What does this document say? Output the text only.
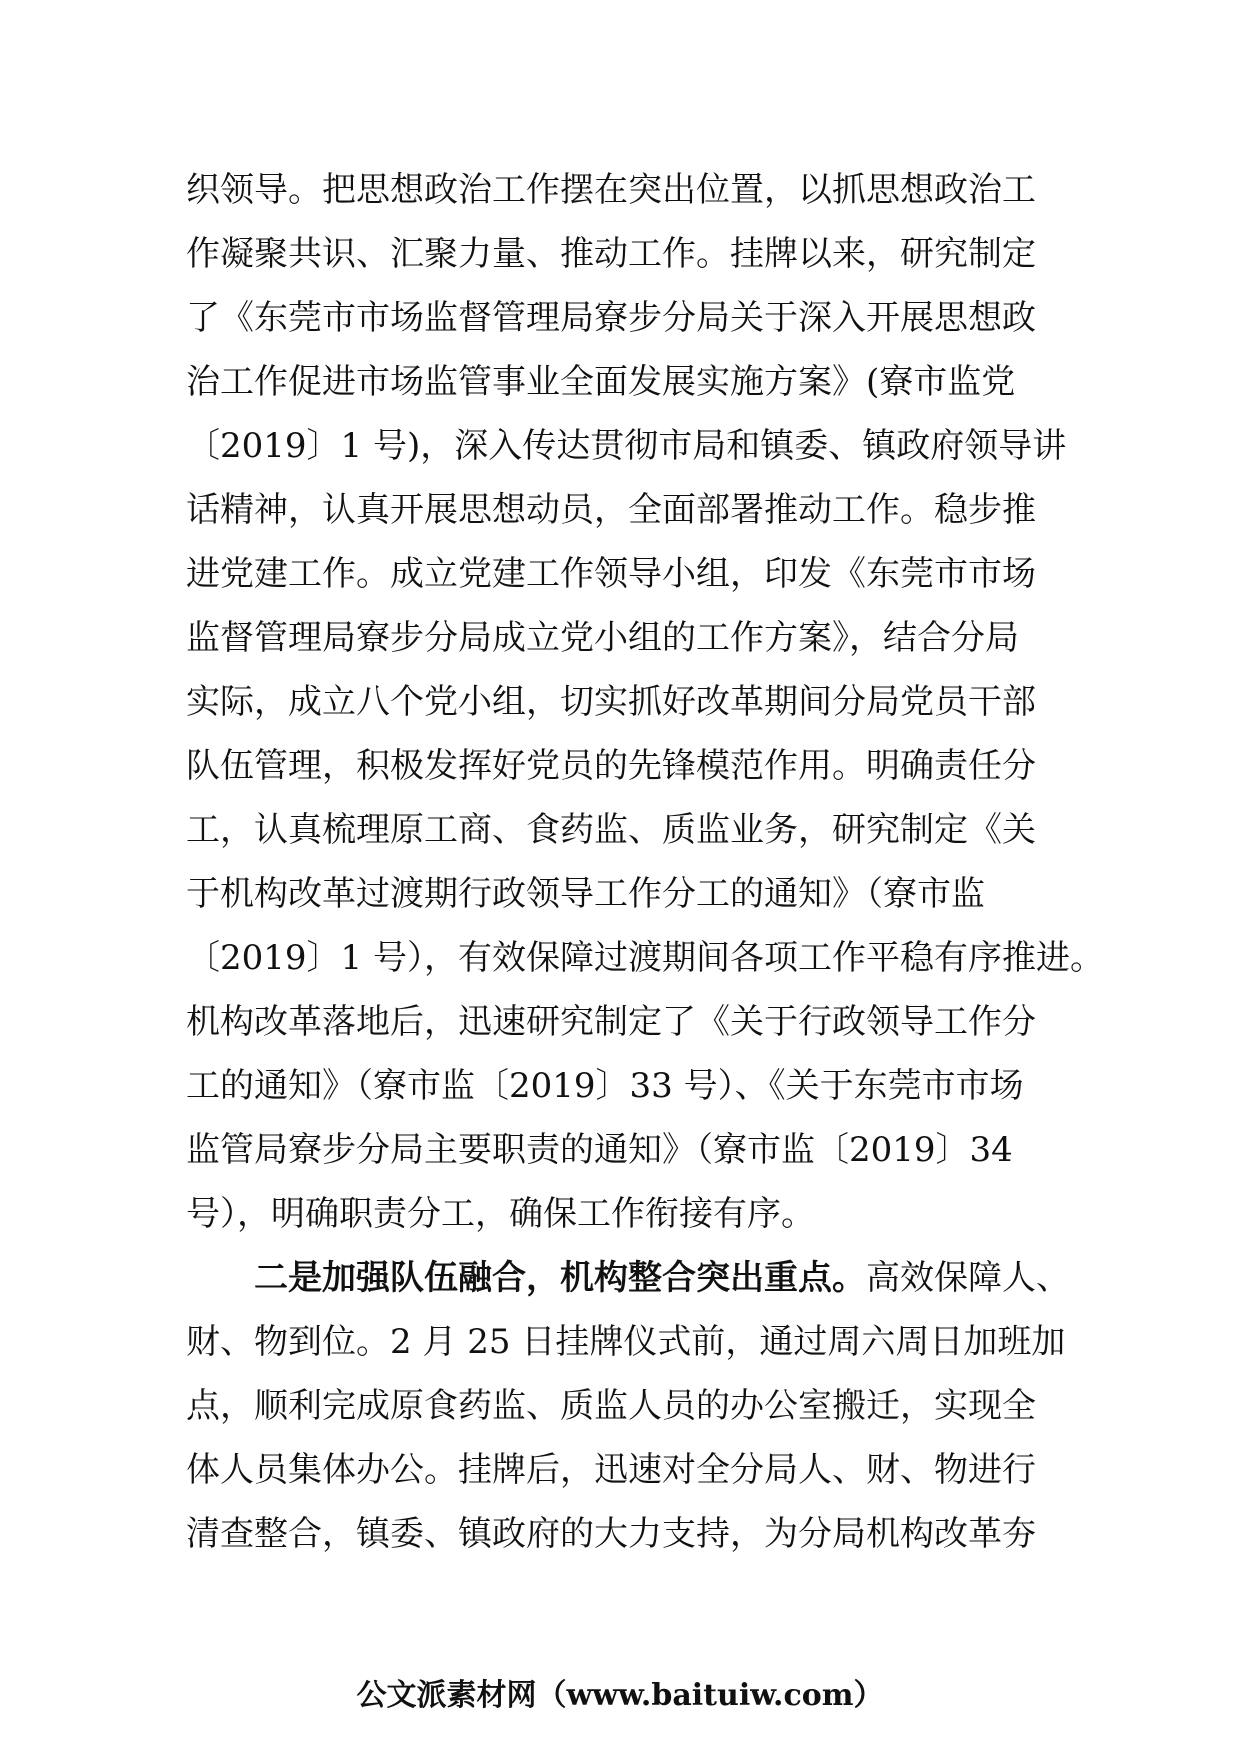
织领导。把思想政治工作摆在突出位置，以抓思想政治工
作凝聚共识、汇聚力量、推动工作。挂牌以来，研究制定
了《东莞市市场监督管理局寮步分局关于深入开展思想政
治工作促进市场监管事业全面发展实施方案》(寮市监党
〔2019〕1 号)，深入传达贯彻市局和镇委、镇政府领导讲
话精神，认真开展思想动员，全面部署推动工作。稳步推
进党建工作。成立党建工作领导小组，印发《东莞市市场
监督管理局寮步分局成立党小组的工作方案》，结合分局
实际，成立八个党小组，切实抓好改革期间分局党员干部
队伍管理，积极发挥好党员的先锋模范作用。明确责任分
工，认真梳理原工商、食药监、质监业务，研究制定《关
于机构改革过渡期行政领导工作分工的通知》（寮市监
〔2019〕1 号），有效保障过渡期间各项工作平稳有序推进。
机构改革落地后，迅速研究制定了《关于行政领导工作分
工的通知》（寮市监〔2019〕33 号）、《关于东莞市市场
监管局寮步分局主要职责的通知》（寮市监〔2019〕34
号），明确职责分工，确保工作衔接有序。
二是加强队伍融合，机构整合突出重点。高效保障人、
财、物到位。2 月 25 日挂牌仪式前，通过周六周日加班加
点，顺利完成原食药监、质监人员的办公室搬迁，实现全
体人员集体办公。挂牌后，迅速对全分局人、财、物进行
清查整合，镇委、镇政府的大力支持，为分局机构改革夯
公文派素材网（www.baituiw.com）
